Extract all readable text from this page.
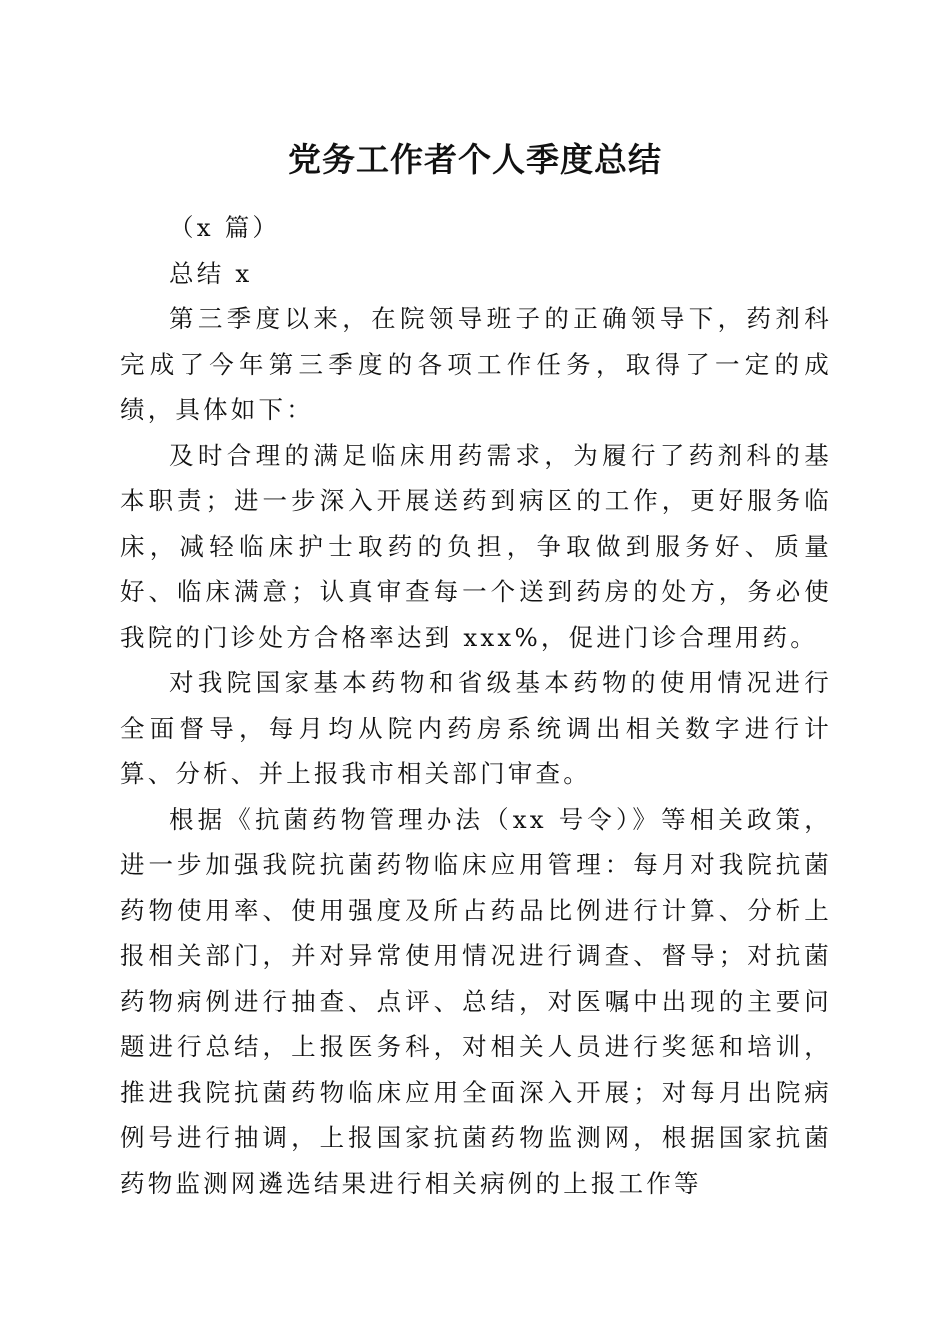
党务工作者个人季度总结

（x 篇）

总结 x

第三季度以来，在院领导班子的正确领导下，药剂科完成了今年第三季度的各项工作任务，取得了一定的成绩，具体如下：

及时合理的满足临床用药需求，为履行了药剂科的基本职责；进一步深入开展送药到病区的工作，更好服务临床，减轻临床护士取药的负担，争取做到服务好、质量好、临床满意；认真审查每一个送到药房的处方，务必使我院的门诊处方合格率达到 xxx%，促进门诊合理用药。

对我院国家基本药物和省级基本药物的使用情况进行全面督导，每月均从院内药房系统调出相关数字进行计算、分析、并上报我市相关部门审查。

根据《抗菌药物管理办法（xx 号令）》等相关政策，进一步加强我院抗菌药物临床应用管理：每月对我院抗菌药物使用率、使用强度及所占药品比例进行计算、分析上报相关部门，并对异常使用情况进行调查、督导；对抗菌药物病例进行抽查、点评、总结，对医嘱中出现的主要问题进行总结，上报医务科，对相关人员进行奖惩和培训，推进我院抗菌药物临床应用全面深入开展；对每月出院病例号进行抽调，上报国家抗菌药物监测网，根据国家抗菌药物监测网遴选结果进行相关病例的上报工作等
